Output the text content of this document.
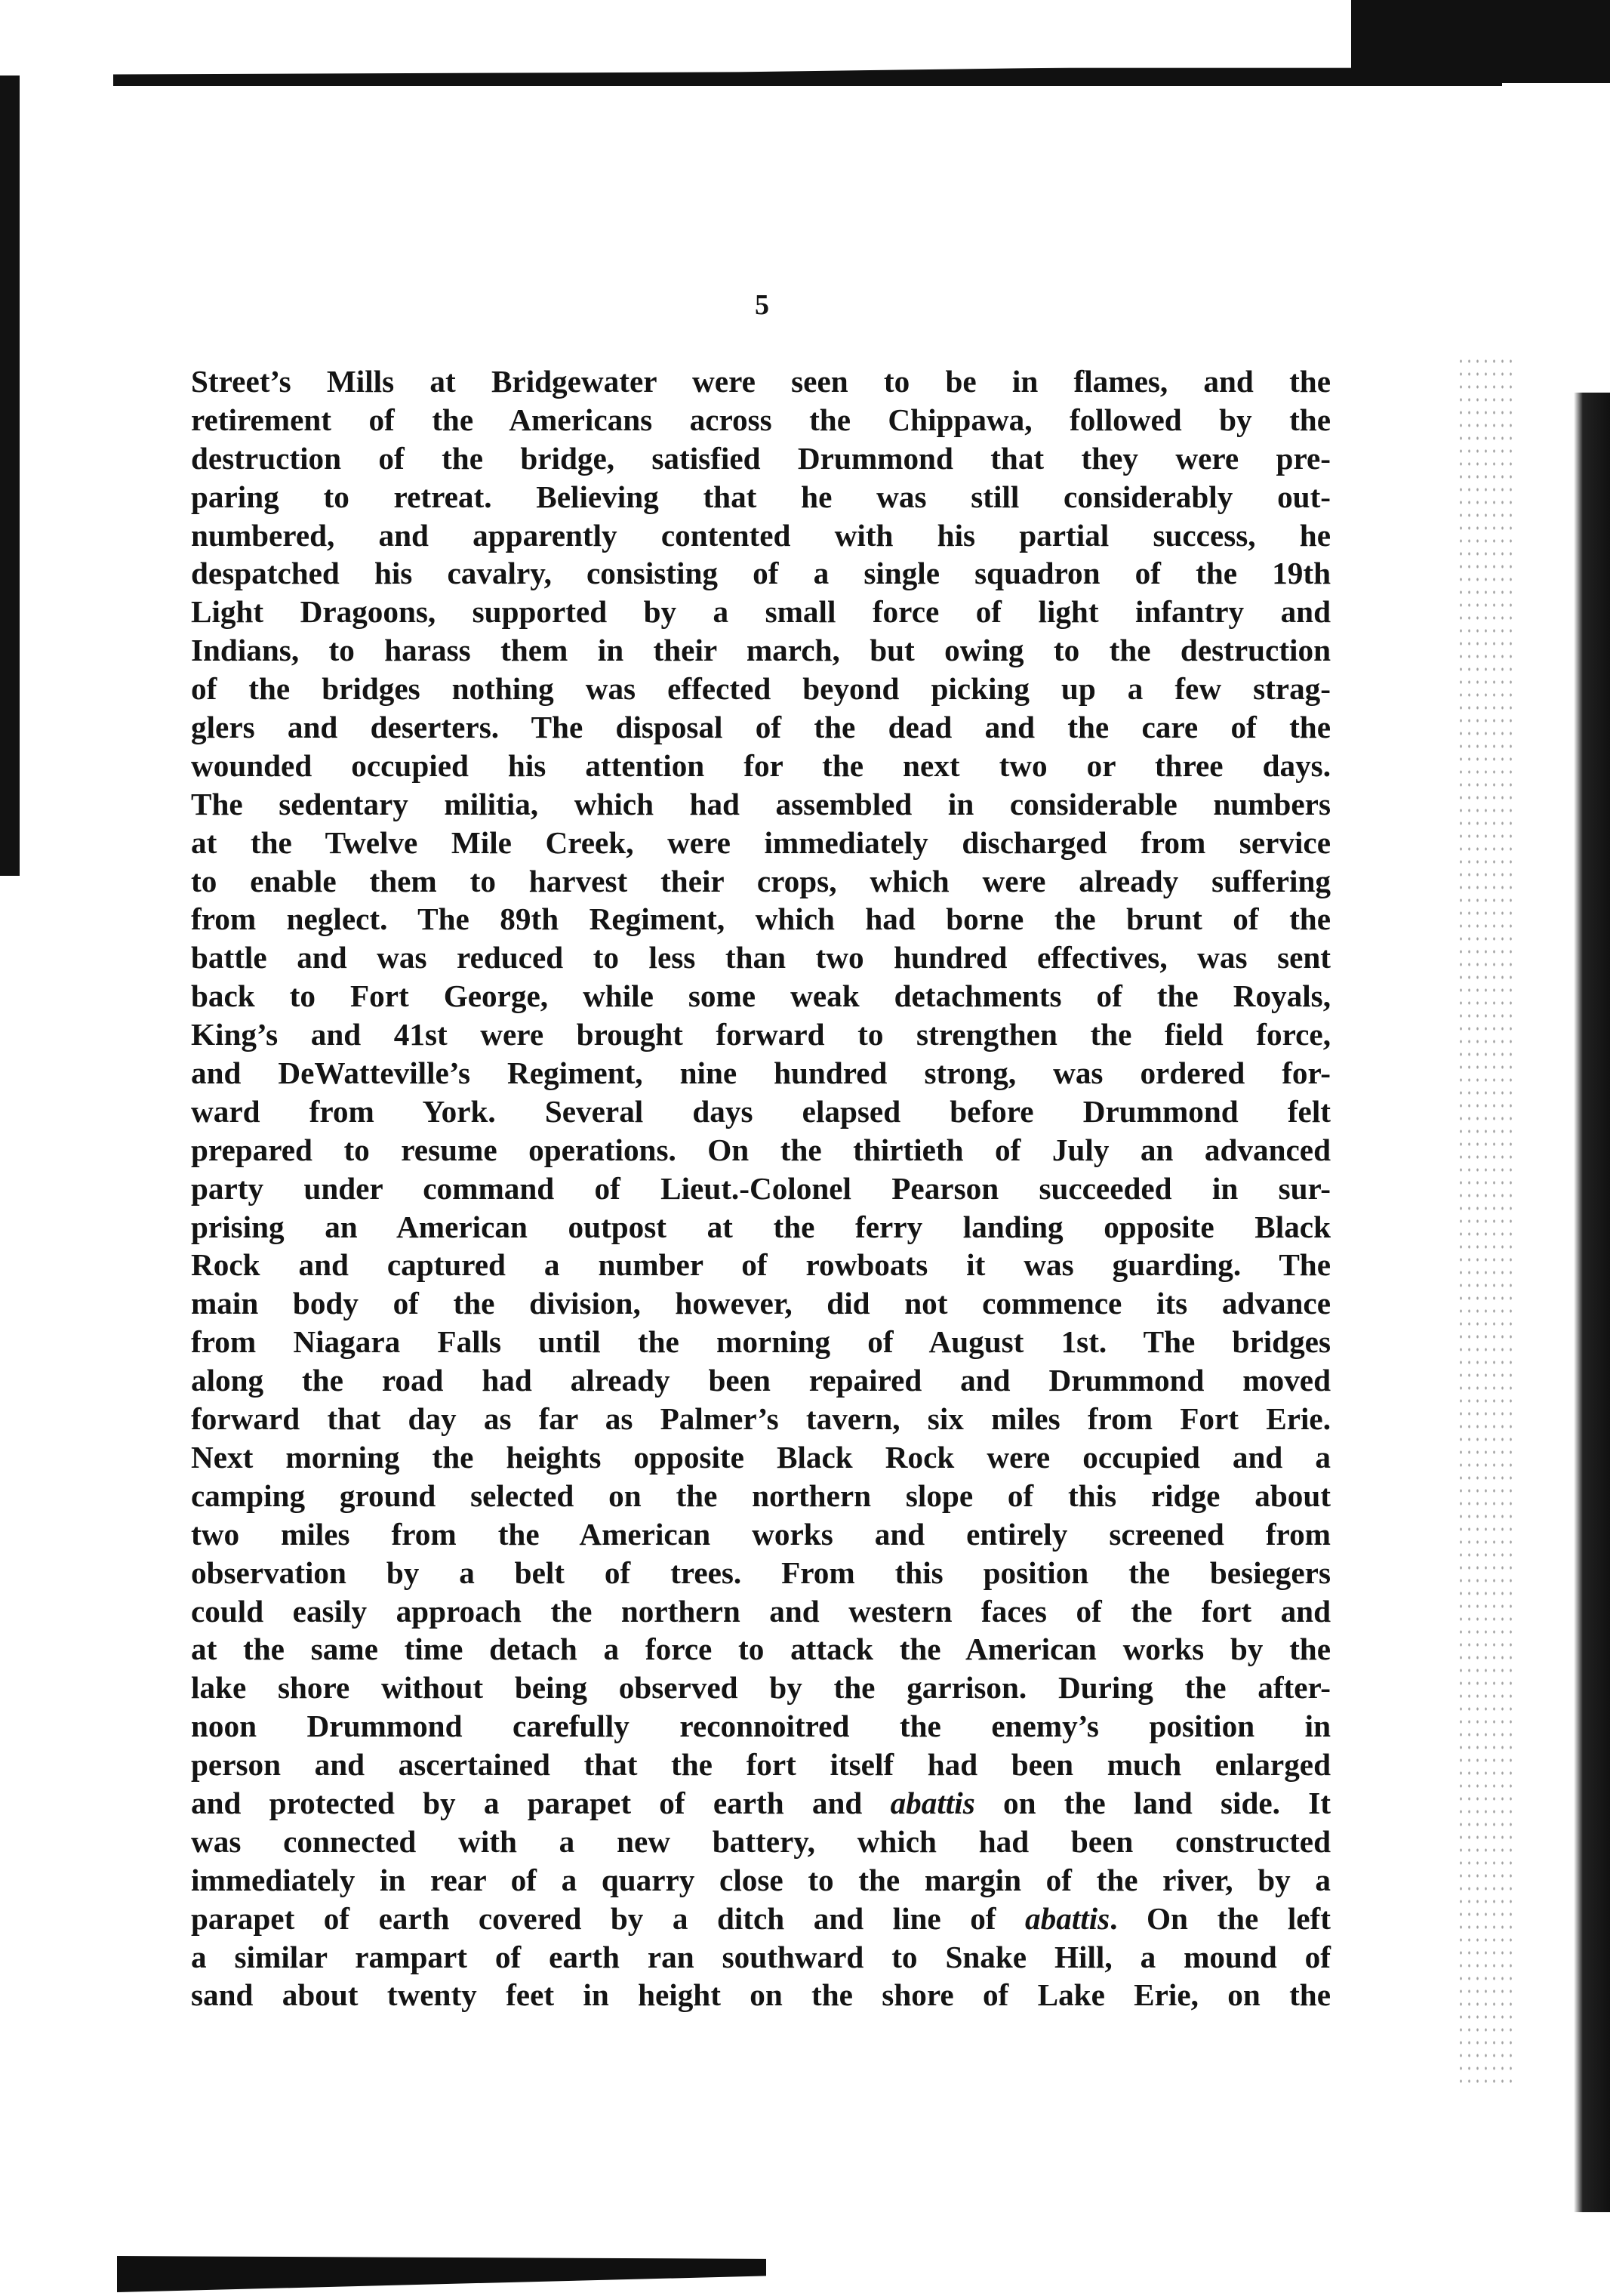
5
Street’s Mills at Bridgewater were seen to be in flames, and the
retirement of the Americans across the Chippawa, followed by the
destruction of the bridge, satisfied Drummond that they were pre-
paring to retreat. Believing that he was still considerably out-
numbered, and apparently contented with his partial success, he
despatched his cavalry, consisting of a single squadron of the 19th
Light Dragoons, supported by a small force of light infantry and
Indians, to harass them in their march, but owing to the destruction
of the bridges nothing was effected beyond picking up a few strag-
glers and deserters. The disposal of the dead and the care of the
wounded occupied his attention for the next two or three days.
The sedentary militia, which had assembled in considerable numbers
at the Twelve Mile Creek, were immediately discharged from service
to enable them to harvest their crops, which were already suffering
from neglect. The 89th Regiment, which had borne the brunt of the
battle and was reduced to less than two hundred effectives, was sent
back to Fort George, while some weak detachments of the Royals,
King’s and 41st were brought forward to strengthen the field force,
and DeWatteville’s Regiment, nine hundred strong, was ordered for-
ward from York. Several days elapsed before Drummond felt
prepared to resume operations. On the thirtieth of July an advanced
party under command of Lieut.-Colonel Pearson succeeded in sur-
prising an American outpost at the ferry landing opposite Black
Rock and captured a number of rowboats it was guarding. The
main body of the division, however, did not commence its advance
from Niagara Falls until the morning of August 1st. The bridges
along the road had already been repaired and Drummond moved
forward that day as far as Palmer’s tavern, six miles from Fort Erie.
Next morning the heights opposite Black Rock were occupied and a
camping ground selected on the northern slope of this ridge about
two miles from the American works and entirely screened from
observation by a belt of trees. From this position the besiegers
could easily approach the northern and western faces of the fort and
at the same time detach a force to attack the American works by the
lake shore without being observed by the garrison. During the after-
noon Drummond carefully reconnoitred the enemy’s position in
person and ascertained that the fort itself had been much enlarged
and protected by a parapet of earth and abattis on the land side. It
was connected with a new battery, which had been constructed
immediately in rear of a quarry close to the margin of the river, by a
parapet of earth covered by a ditch and line of abattis. On the left
a similar rampart of earth ran southward to Snake Hill, a mound of
sand about twenty feet in height on the shore of Lake Erie, on the
